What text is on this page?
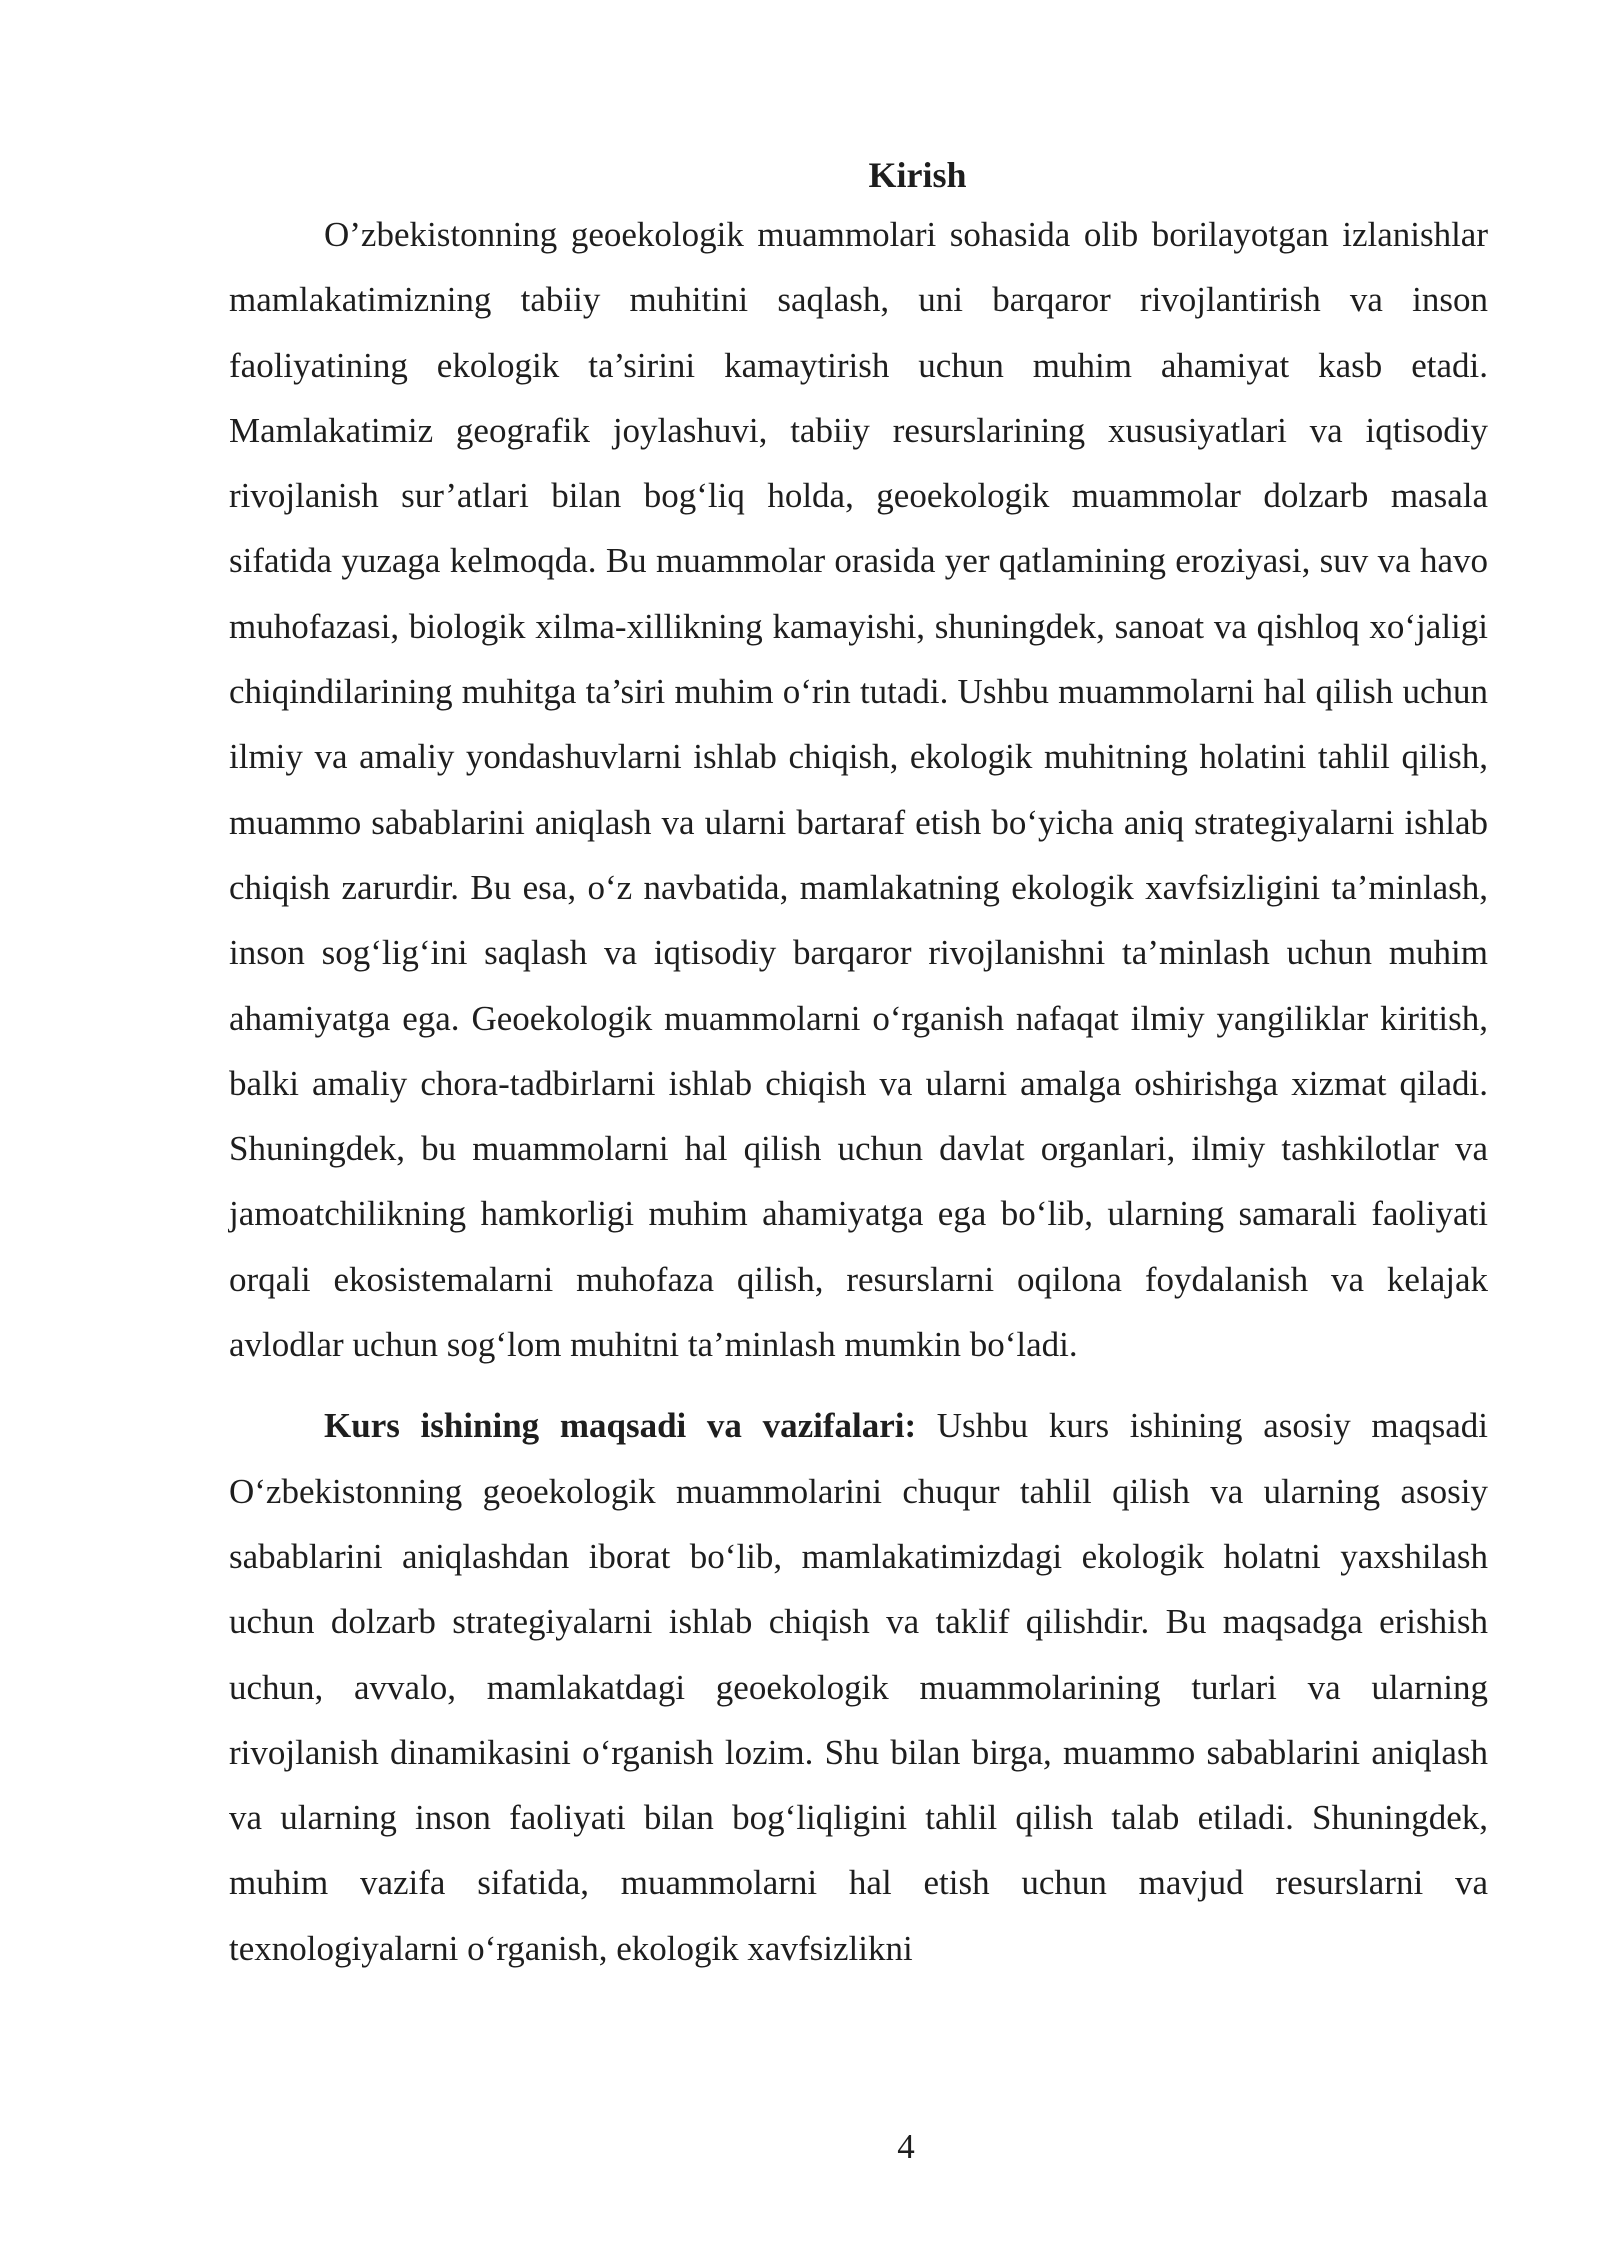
Kirish

O’zbekistonning geoekologik muammolari sohasida olib borilayotgan izlanishlar mamlakatimizning tabiiy muhitini saqlash, uni barqaror rivojlantirish va inson faoliyatining ekologik ta’sirini kamaytirish uchun muhim ahamiyat kasb etadi. Mamlakatimiz geografik joylashuvi, tabiiy resurslarining xususiyatlari va iqtisodiy rivojlanish sur’atlari bilan bog‘liq holda, geoekologik muammolar dolzarb masala sifatida yuzaga kelmoqda. Bu muammolar orasida yer qatlamining eroziyasi, suv va havo muhofazasi, biologik xilma-xillikning kamayishi, shuningdek, sanoat va qishloq xo‘jaligi chiqindilarining muhitga ta’siri muhim o‘rin tutadi. Ushbu muammolarni hal qilish uchun ilmiy va amaliy yondashuvlarni ishlab chiqish, ekologik muhitning holatini tahlil qilish, muammo sabablarini aniqlash va ularni bartaraf etish bo‘yicha aniq strategiyalarni ishlab chiqish zarurdir. Bu esa, o‘z navbatida, mamlakatning ekologik xavfsizligini ta’minlash, inson sog‘lig‘ini saqlash va iqtisodiy barqaror rivojlanishni ta’minlash uchun muhim ahamiyatga ega. Geoekologik muammolarni o‘rganish nafaqat ilmiy yangiliklar kiritish, balki amaliy chora-tadbirlarni ishlab chiqish va ularni amalga oshirishga xizmat qiladi. Shuningdek, bu muammolarni hal qilish uchun davlat organlari, ilmiy tashkilotlar va jamoatchilikning hamkorligi muhim ahamiyatga ega bo‘lib, ularning samarali faoliyati orqali ekosistemalarni muhofaza qilish, resurslarni oqilona foydalanish va kelajak avlodlar uchun sog‘lom muhitni ta’minlash mumkin bo‘ladi.

Kurs ishining maqsadi va vazifalari: Ushbu kurs ishining asosiy maqsadi O‘zbekistonning geoekologik muammolarini chuqur tahlil qilish va ularning asosiy sabablarini aniqlashdan iborat bo‘lib, mamlakatimizdagi ekologik holatni yaxshilash uchun dolzarb strategiyalarni ishlab chiqish va taklif qilishdir. Bu maqsadga erishish uchun, avvalo, mamlakatdagi geoekologik muammolarining turlari va ularning rivojlanish dinamikasini o‘rganish lozim. Shu bilan birga, muammo sabablarini aniqlash va ularning inson faoliyati bilan bog‘liqligini tahlil qilish talab etiladi. Shuningdek, muhim vazifa sifatida, muammolarni hal etish uchun mavjud resurslarni va texnologiyalarni o‘rganish, ekologik xavfsizlikni

4
